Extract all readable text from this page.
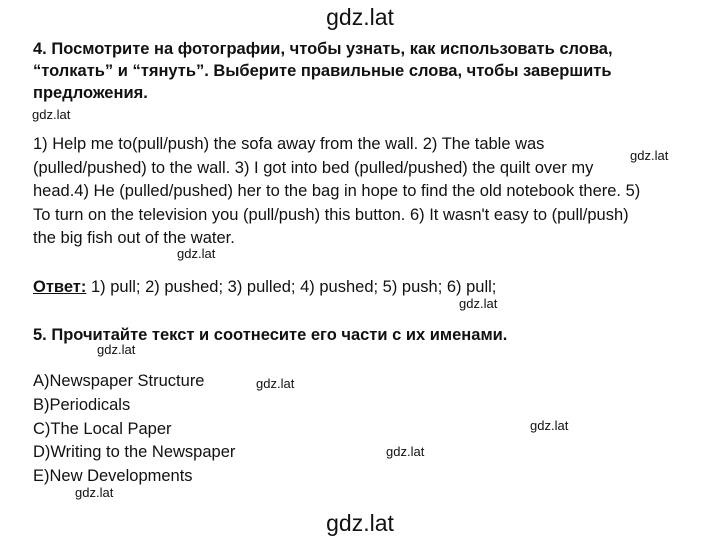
gdz.lat
4. Посмотрите на фотографии, чтобы узнать, как использовать слова,
“толкать” и “тянуть”. Выберите правильные слова, чтобы завершить
предложения.
1) Help me to(pull/push) the sofa away from the wall. 2) The table was
(pulled/pushed) to the wall. 3) I got into bed (pulled/pushed) the quilt over my
head.4) He (pulled/pushed) her to the bag in hope to find the old notebook there. 5)
To turn on the television you (pull/push) this button. 6) It wasn't easy to (pull/push)
the big fish out of the water.
Ответ: 1) pull; 2) pushed; 3) pulled; 4) pushed; 5) push; 6) pull;
5. Прочитайте текст и соотнесите его части с их именами.
A)Newspaper Structure
B)Periodicals
C)The Local Paper
D)Writing to the Newspaper
E)New Developments
gdz.lat
gdz.lat
gdz.lat
gdz.lat
gdz.lat
gdz.lat
gdz.lat
gdz.lat
gdz.lat
gdz.lat
